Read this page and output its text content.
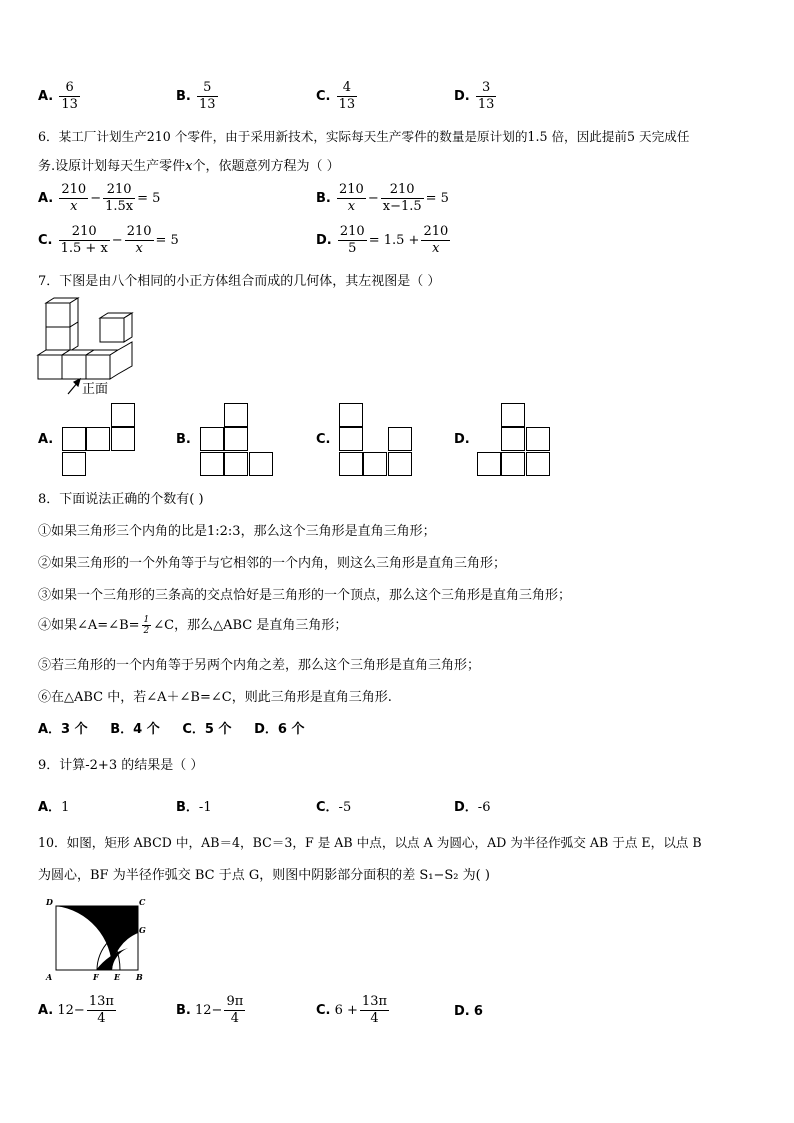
A. $\frac{6}{13}$	B. $\frac{5}{13}$	C. $\frac{4}{13}$	D. $\frac{3}{13}$
6．某工厂计划生产210 个零件，由于采用新技术，实际每天生产零件的数量是原计划的1.5 倍，因此提前5 天完成任
务.设原计划每天生产零件x个，依题意列方程为（ ）
A. $\frac{210}{x} - \frac{210}{1.5x} = 5$	B. $\frac{210}{x} - \frac{210}{x-1.5} = 5$
C. $\frac{210}{1.5 + x} - \frac{210}{x} = 5$	D. $\frac{210}{5} = 1.5 + \frac{210}{x}$
7．下图是由八个相同的小正方体组合而成的几何体，其左视图是（ ）
正面
A.	B.	C.	D.
8．下面说法正确的个数有( )
①如果三角形三个内角的比是1:2:3，那么这个三角形是直角三角形；
②如果三角形的一个外角等于与它相邻的一个内角，则这么三角形是直角三角形；
③如果一个三角形的三条高的交点恰好是三角形的一个顶点，那么这个三角形是直角三角形；
④如果∠A=∠B= $\frac{1}{2}$ ∠C，那么△ABC 是直角三角形；
⑤若三角形的一个内角等于另两个内角之差，那么这个三角形是直角三角形；
⑥在△ABC 中，若∠A＋∠B=∠C，则此三角形是直角三角形.
A．3 个     B．4 个     C．5 个     D．6 个
9．计算-2+3 的结果是（ ）
A．1	B．-1	C．-5	D．-6
10．如图，矩形 ABCD 中，AB＝4，BC＝3，F 是 AB 中点，以点 A 为圆心，AD 为半径作弧交 AB 于点 E，以点 B
为圆心，BF 为半径作弧交 BC 于点 G，则图中阴影部分面积的差 S₁−S₂ 为( )
D	C
G
A	F E B
A. $12- \frac{13\pi}{4}$	B. $12- \frac{9\pi}{4}$	C. $6 + \frac{13\pi}{4}$	D. 6
